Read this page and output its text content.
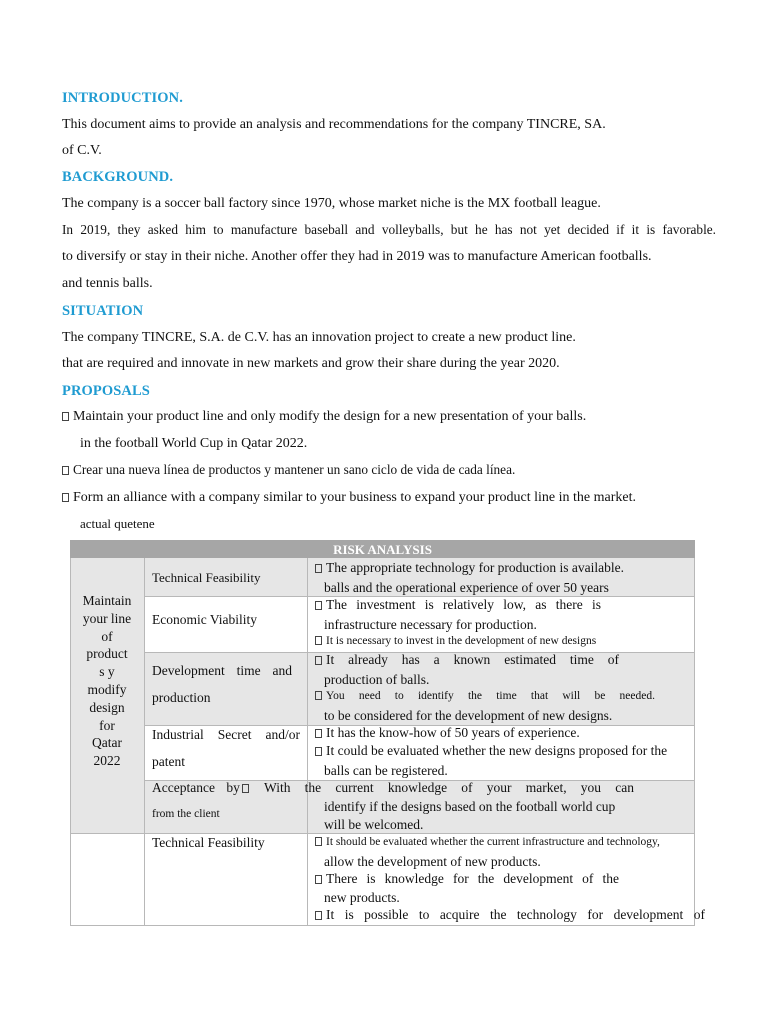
INTRODUCTION.
This document aims to provide an analysis and recommendations for the company TINCRE, SA.
of C.V.
BACKGROUND.
The company is a soccer ball factory since 1970, whose market niche is the MX football league.
In 2019, they asked him to manufacture baseball and volleyballs, but he has not yet decided if it is favorable.
to diversify or stay in their niche. Another offer they had in 2019 was to manufacture American footballs.
and tennis balls.
SITUATION
The company TINCRE, S.A. de C.V. has an innovation project to create a new product line.
that are required and innovate in new markets and grow their share during the year 2020.
PROPOSALS
Maintain your product line and only modify the design for a new presentation of your balls.
in the football World Cup in Qatar 2022.
Crear una nueva línea de productos y mantener un sano ciclo de vida de cada línea.
Form an alliance with a company similar to your business to expand your product line in the market.
actual quetene
RISK ANALYSIS
Maintain
your line
of
product
s y
modify
design
for
Qatar
2022
Technical Feasibility
The appropriate technology for production is available.
balls and the operational experience of over 50 years
Economic Viability
The investment is relatively low, as there is
infrastructure necessary for production.
It is necessary to invest in the development of new designs
Development time and
production
It already has a known estimated time of
production of balls.
You need to identify the time that will be needed.
to be considered for the development of new designs.
Industrial Secret and/or
patent
It has the know-how of 50 years of experience.
It could be evaluated whether the new designs proposed for the
balls can be registered.
Acceptance by
from the client
With the current knowledge of your market, you can
identify if the designs based on the football world cup
will be welcomed.
Technical Feasibility	It should be evaluated whether the current infrastructure and technology,
allow the development of new products.
There is knowledge for the development of the
new products.
It is possible to acquire the technology for development of
